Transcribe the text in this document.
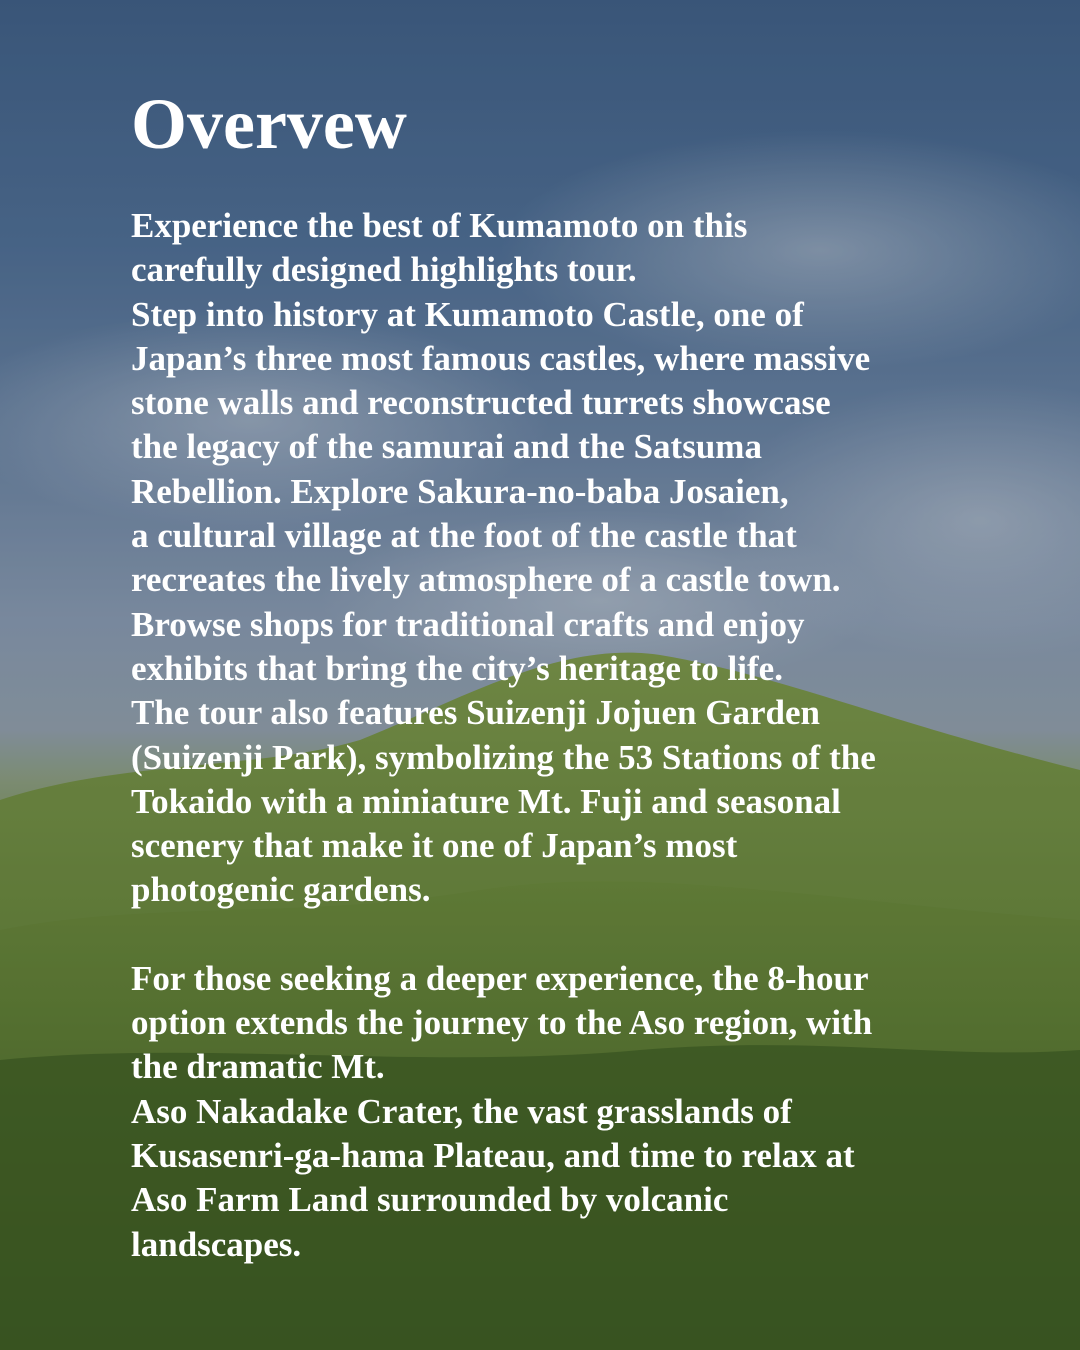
Overvew

Experience the best of Kumamoto on this
carefully designed highlights tour.
Step into history at Kumamoto Castle, one of
Japan’s three most famous castles, where massive
stone walls and reconstructed turrets showcase
the legacy of the samurai and the Satsuma
Rebellion. Explore Sakura-no-baba Josaien,
a cultural village at the foot of the castle that
recreates the lively atmosphere of a castle town.
Browse shops for traditional crafts and enjoy
exhibits that bring the city’s heritage to life.
The tour also features Suizenji Jojuen Garden
(Suizenji Park), symbolizing the 53 Stations of the
Tokaido with a miniature Mt. Fuji and seasonal
scenery that make it one of Japan’s most
photogenic gardens.

For those seeking a deeper experience, the 8-hour
option extends the journey to the Aso region, with
the dramatic Mt.
Aso Nakadake Crater, the vast grasslands of
Kusasenri-ga-hama Plateau, and time to relax at
Aso Farm Land surrounded by volcanic
landscapes.
